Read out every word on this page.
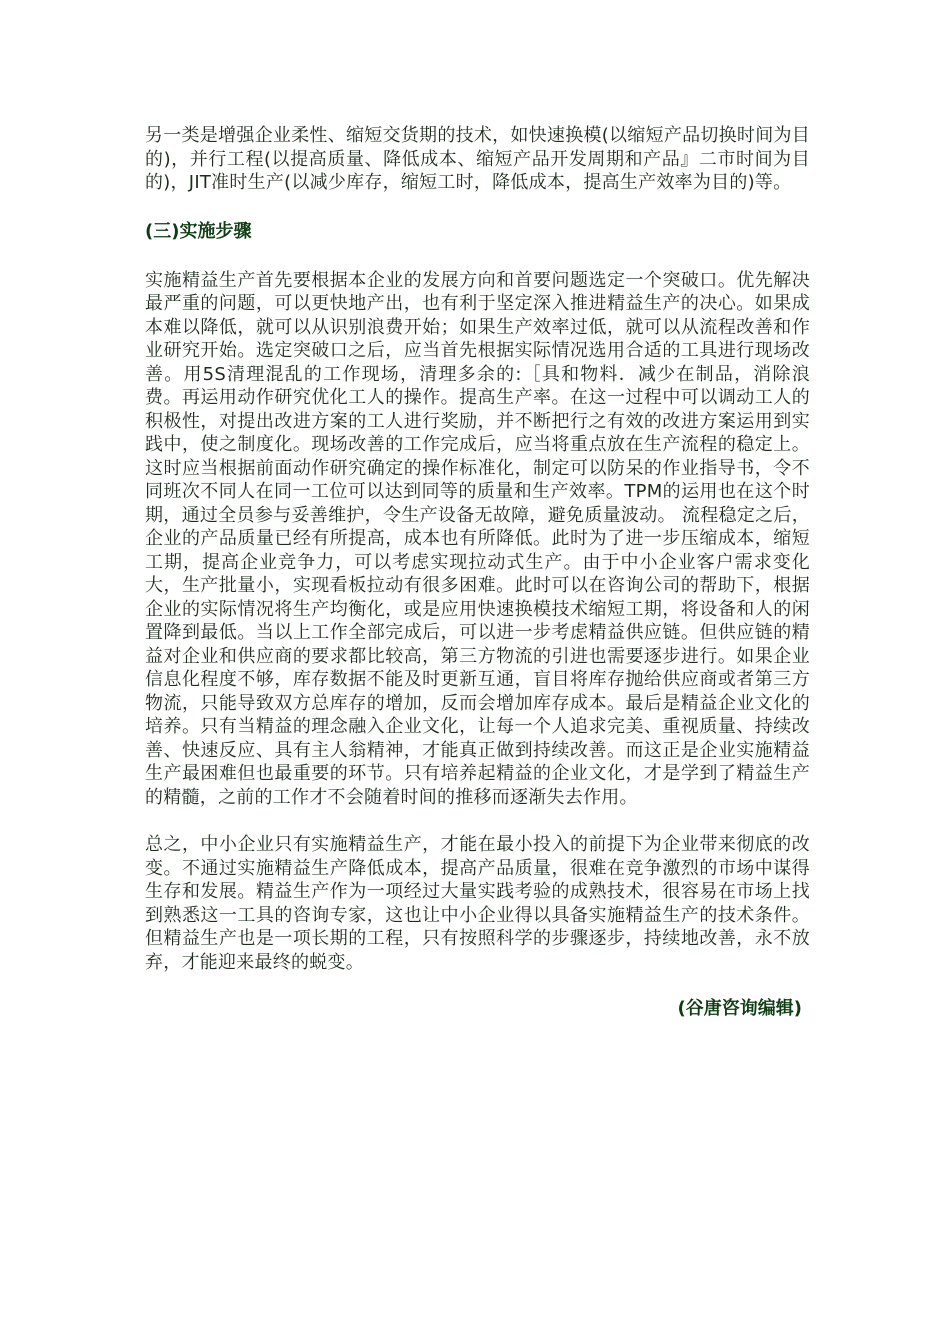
另一类是增强企业柔性、缩短交货期的技术，如快速换模(以缩短产品切换时间为目的)，并行工程(以提高质量、降低成本、缩短产品开发周期和产品』二市时间为目的)，JIT准时生产(以减少库存，缩短工时，降低成本，提高生产效率为目的)等。

(三)实施步骤

实施精益生产首先要根据本企业的发展方向和首要问题选定一个突破口。优先解决最严重的问题，可以更快地产出，也有利于坚定深入推进精益生产的决心。如果成本难以降低，就可以从识别浪费开始；如果生产效率过低，就可以从流程改善和作业研究开始。选定突破口之后，应当首先根据实际情况选用合适的工具进行现场改善。用5S清理混乱的工作现场，清理多余的:［具和物料．减少在制品，消除浪费。再运用动作研究优化工人的操作。提高生产率。在这一过程中可以调动工人的积极性，对提出改进方案的工人进行奖励，并不断把行之有效的改进方案运用到实践中，使之制度化。现场改善的工作完成后，应当将重点放在生产流程的稳定上。这时应当根据前面动作研究确定的操作标准化，制定可以防呆的作业指导书，令不同班次不同人在同一工位可以达到同等的质量和生产效率。TPM的运用也在这个时期，通过全员参与妥善维护，令生产设备无故障，避免质量波动。 流程稳定之后，企业的产品质量已经有所提高，成本也有所降低。此时为了进一步压缩成本，缩短工期，提高企业竞争力，可以考虑实现拉动式生产。由于中小企业客户需求变化大，生产批量小，实现看板拉动有很多困难。此时可以在咨询公司的帮助下，根据企业的实际情况将生产均衡化，或是应用快速换模技术缩短工期，将设备和人的闲置降到最低。当以上工作全部完成后，可以进一步考虑精益供应链。但供应链的精益对企业和供应商的要求都比较高，第三方物流的引进也需要逐步进行。如果企业信息化程度不够，库存数据不能及时更新互通，盲目将库存抛给供应商或者第三方物流，只能导致双方总库存的增加，反而会增加库存成本。最后是精益企业文化的培养。只有当精益的理念融入企业文化，让每一个人追求完美、重视质量、持续改善、快速反应、具有主人翁精神，才能真正做到持续改善。而这正是企业实施精益生产最困难但也最重要的环节。只有培养起精益的企业文化，才是学到了精益生产的精髓，之前的工作才不会随着时间的推移而逐渐失去作用。

总之，中小企业只有实施精益生产，才能在最小投入的前提下为企业带来彻底的改变。不通过实施精益生产降低成本，提高产品质量，很难在竞争激烈的市场中谋得生存和发展。精益生产作为一项经过大量实践考验的成熟技术，很容易在市场上找到熟悉这一工具的咨询专家，这也让中小企业得以具备实施精益生产的技术条件。但精益生产也是一项长期的工程，只有按照科学的步骤逐步，持续地改善，永不放弃，才能迎来最终的蜕变。

(谷唐咨询编辑)
